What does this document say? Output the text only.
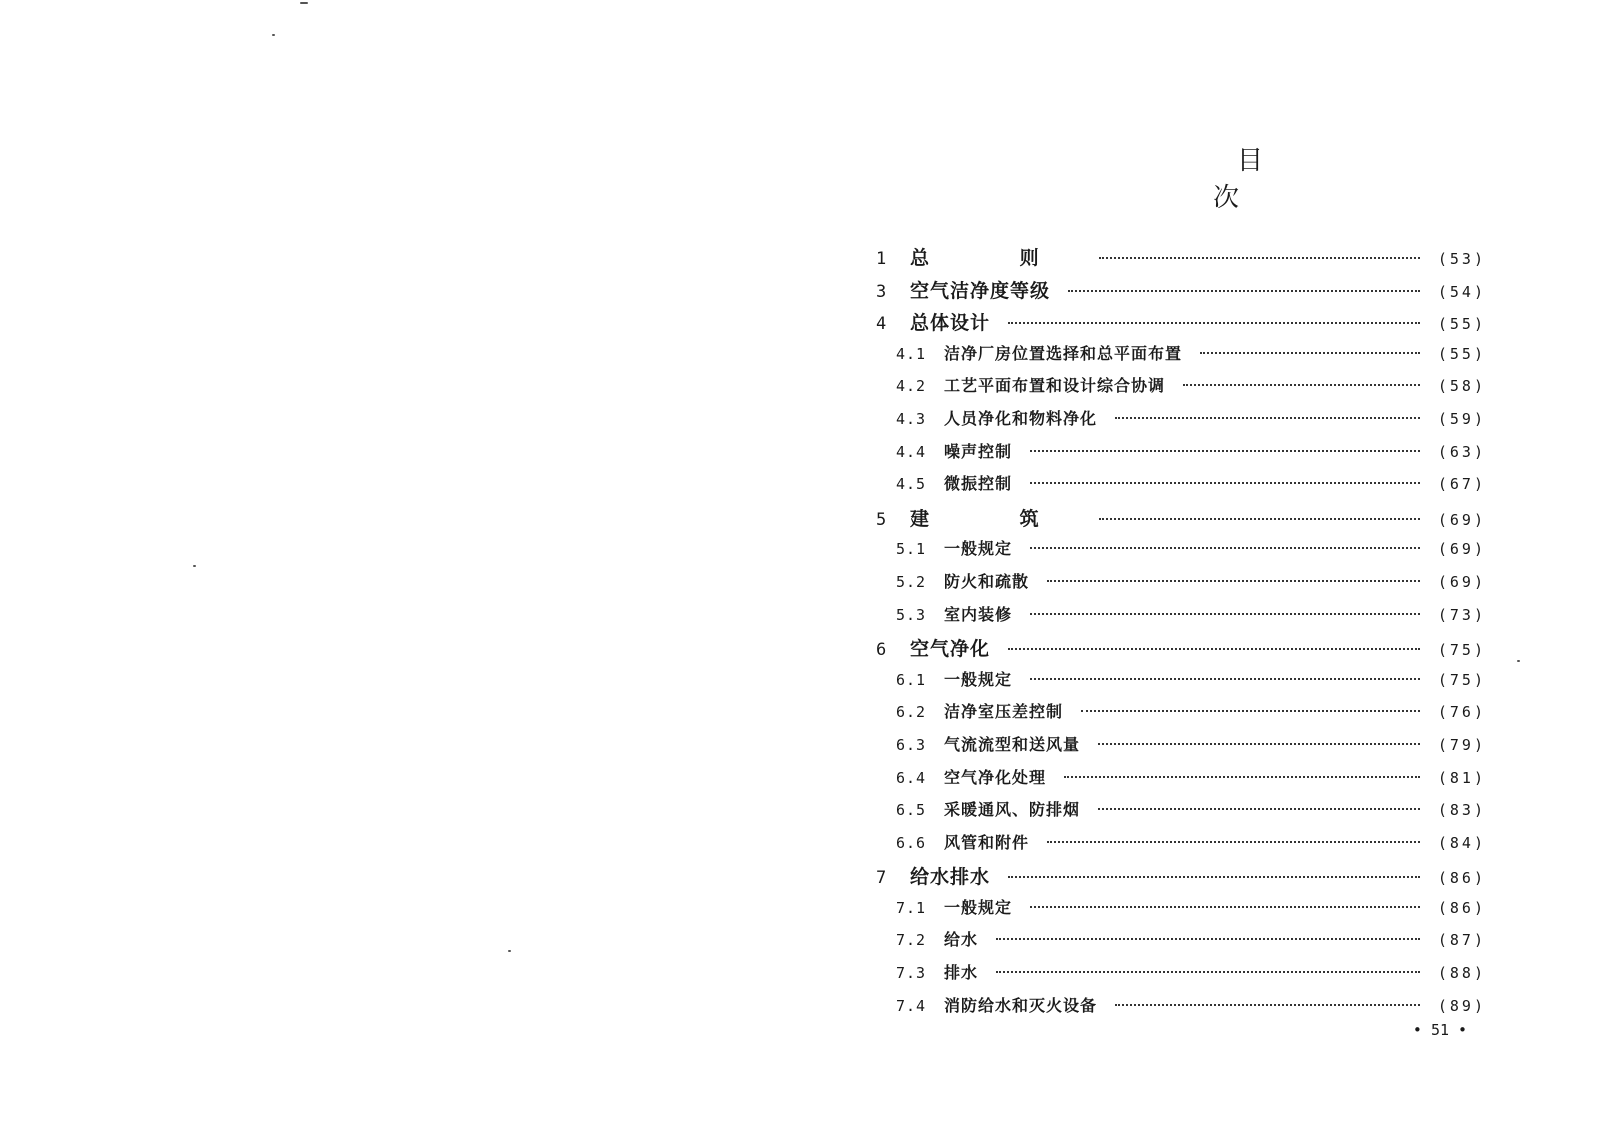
目 次
1	总 则	(53)
3	空气洁净度等级	(54)
4	总体设计	(55)
4.1	洁净厂房位置选择和总平面布置	(55)
4.2	工艺平面布置和设计综合协调	(58)
4.3	人员净化和物料净化	(59)
4.4	噪声控制	(63)
4.5	微振控制	(67)
5	建 筑	(69)
5.1	一般规定	(69)
5.2	防火和疏散	(69)
5.3	室内装修	(73)
6	空气净化	(75)
6.1	一般规定	(75)
6.2	洁净室压差控制	(76)
6.3	气流流型和送风量	(79)
6.4	空气净化处理	(81)
6.5	采暖通风、防排烟	(83)
6.6	风管和附件	(84)
7	给水排水	(86)
7.1	一般规定	(86)
7.2	给水	(87)
7.3	排水	(88)
7.4	消防给水和灭火设备	(89)
• 51 •
